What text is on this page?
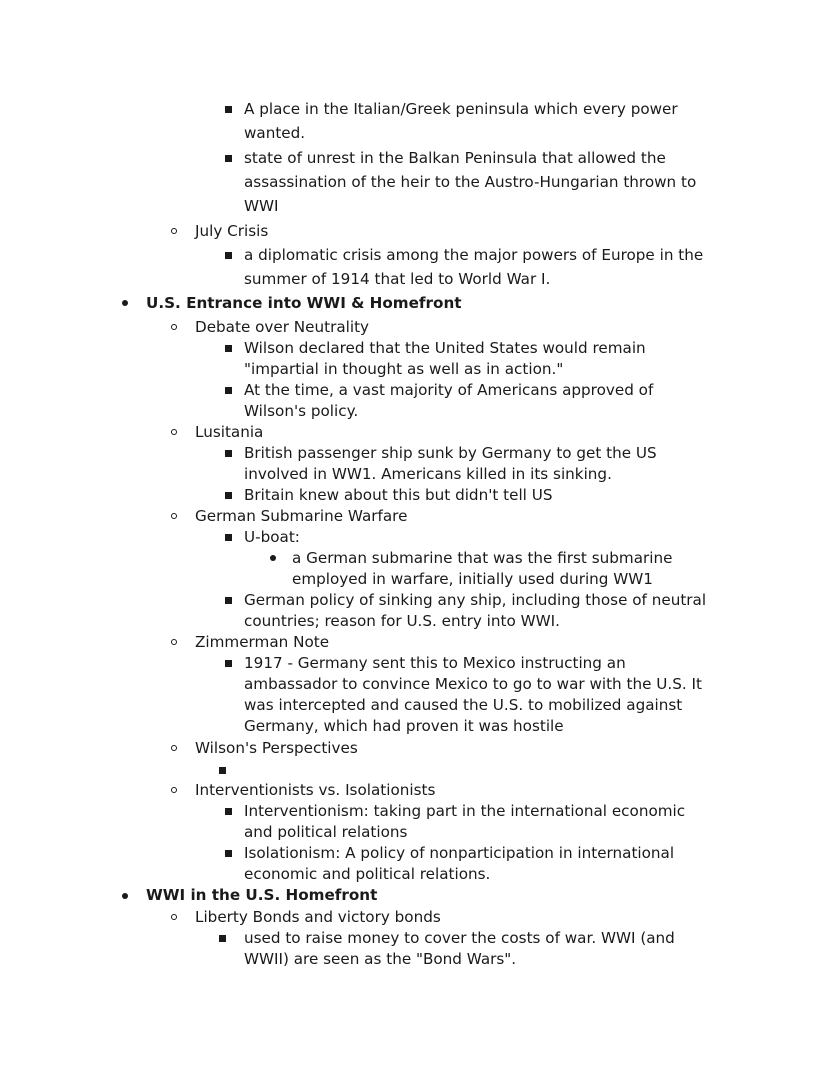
A place in the Italian/Greek peninsula which every power
wanted.
state of unrest in the Balkan Peninsula that allowed the
assassination of the heir to the Austro-Hungarian thrown to
WWI
July Crisis
a diplomatic crisis among the major powers of Europe in the
summer of 1914 that led to World War I.
U.S. Entrance into WWI & Homefront
Debate over Neutrality
Wilson declared that the United States would remain
"impartial in thought as well as in action."
At the time, a vast majority of Americans approved of
Wilson's policy.
Lusitania
British passenger ship sunk by Germany to get the US
involved in WW1. Americans killed in its sinking.
Britain knew about this but didn't tell US
German Submarine Warfare
U-boat:
a German submarine that was the first submarine
employed in warfare, initially used during WW1
German policy of sinking any ship, including those of neutral
countries; reason for U.S. entry into WWI.
Zimmerman Note
1917 - Germany sent this to Mexico instructing an
ambassador to convince Mexico to go to war with the U.S. It
was intercepted and caused the U.S. to mobilized against
Germany, which had proven it was hostile
Wilson's Perspectives
Interventionists vs. Isolationists
Interventionism: taking part in the international economic
and political relations
Isolationism: A policy of nonparticipation in international
economic and political relations.
WWI in the U.S. Homefront
Liberty Bonds and victory bonds
used to raise money to cover the costs of war. WWI (and
WWII) are seen as the "Bond Wars".
